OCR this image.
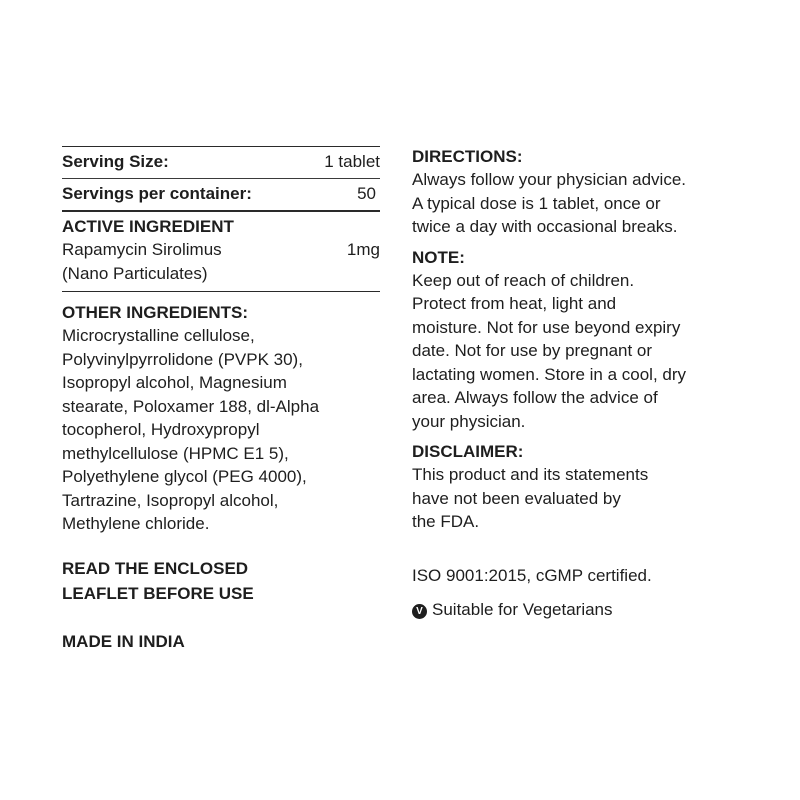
Serving Size:	1 tablet
Servings per container:	50
ACTIVE INGREDIENT
Rapamycin Sirolimus	1mg
(Nano Particulates)
OTHER INGREDIENTS:
Microcrystalline cellulose,
Polyvinylpyrrolidone (PVPK 30),
Isopropyl alcohol, Magnesium
stearate, Poloxamer 188, dl-Alpha
tocopherol, Hydroxypropyl
methylcellulose (HPMC E1 5),
Polyethylene glycol (PEG 4000),
Tartrazine, Isopropyl alcohol,
Methylene chloride.
READ THE ENCLOSED
LEAFLET BEFORE USE
MADE IN INDIA
DIRECTIONS:
Always follow your physician advice.
A typical dose is 1 tablet, once or
twice a day with occasional breaks.
NOTE:
Keep out of reach of children.
Protect from heat, light and
moisture. Not for use beyond expiry
date. Not for use by pregnant or
lactating women. Store in a cool, dry
area. Always follow the advice of
your physician.
DISCLAIMER:
This product and its statements
have not been evaluated by
the FDA.
ISO 9001:2015, cGMP certified.
V Suitable for Vegetarians
